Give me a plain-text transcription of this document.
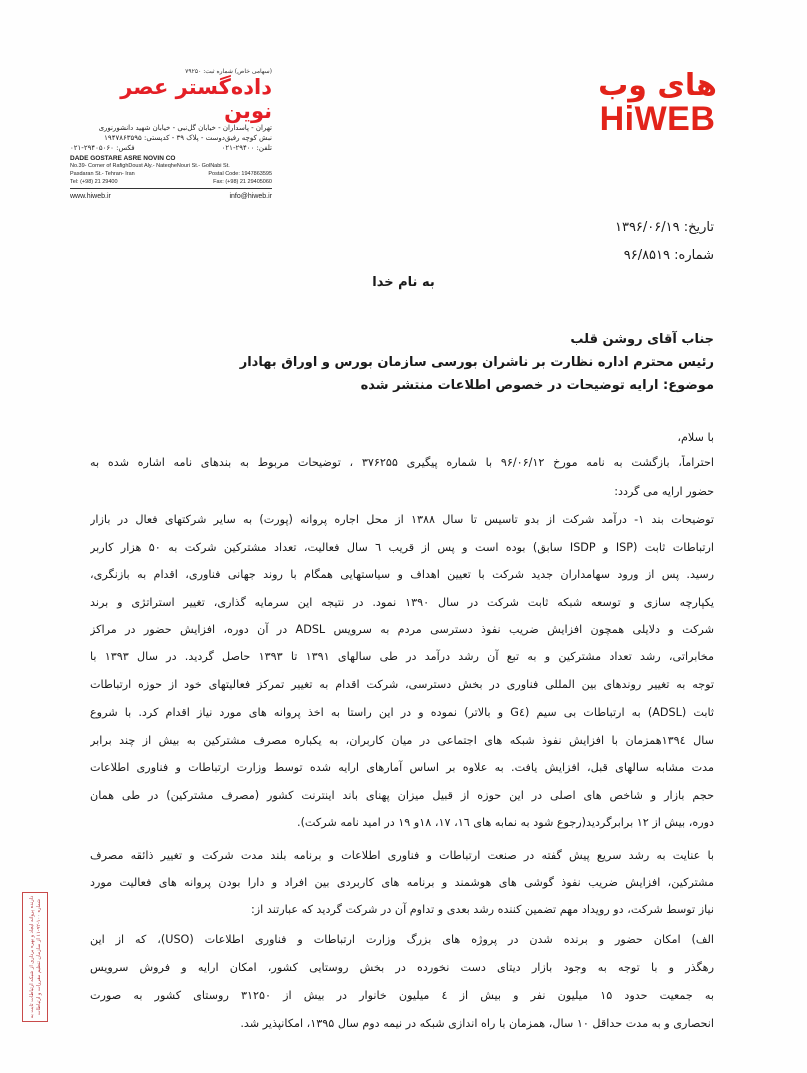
(سهامی خاص) شماره ثبت: ۷۹۲۵۰
داده‌گستر عصر نوین
تهران - پاسداران - خیابان گل‌نبی - خیابان شهید دانشورنوری
نبش کوچه رفیق‌دوست - پلاک ۳۹ - کدپستی: ۱۹۴۷۸۶۳۵۹۵
تلفن: ۲۹۴۰۰-۰۲۱
فکس: ۲۹۴۰۵۰۶۰-۰۲۱
DADE GOSTARE ASRE NOVIN CO
No.39- Corner of RafighDoust Aly.- NateqheNouri St.- GolNabi St.
Pasdaran St.- Tehran- Iran	Postal Code: 1947863595
Tel: (+98) 21 29400	Fax: (+98) 21 29405060
www.hiweb.ir	info@hiweb.ir
های وب
HiWEB
تاریخ: ۱۳۹۶/۰۶/۱۹
شماره: ۹۶/۸۵۱۹
به نام خدا
جناب آقای روشن قلب
رئیس محترم اداره نظارت بر ناشران بورسی سازمان بورس و اوراق بهادار
موضوع: ارایه توضیحات در خصوص اطلاعات منتشر شده
با سلام،
احتراماً، بازگشت به نامه مورخ ۹۶/۰۶/۱۲ با شماره پیگیری ۳۷۶۲۵۵ ، توضیحات مربوط به بندهای نامه اشاره شده به
حضور ارایه می گردد:
توضیحات بند ۱- درآمد شرکت از بدو تاسیس تا سال ۱۳۸۸ از محل اجاره پروانه (پورت) به سایر شرکتهای فعال در بازار
ارتباطات ثابت (ISP و ISDP سابق) بوده است و پس از قریب ٦ سال فعالیت، تعداد مشترکین شرکت به ۵۰ هزار کاربر
رسید. پس از ورود سهامداران جدید شرکت با تعیین اهداف و سیاستهایی همگام با روند جهانی فناوری، اقدام به بازنگری،
یکپارچه سازی و توسعه شبکه ثابت شرکت در سال ۱۳۹۰ نمود. در نتیجه این سرمایه گذاری، تغییر استراتژی و برند
شرکت و دلایلی همچون افزایش ضریب نفوذ دسترسی مردم به سرویس ADSL در آن دوره، افزایش حضور در مراکز
مخابراتی، رشد تعداد مشترکین و به تبع آن رشد درآمد در طی سالهای ۱۳۹۱ تا ۱۳۹۳ حاصل گردید. در سال ۱۳۹۳ با
توجه به تغییر روندهای بین المللی فناوری در بخش دسترسی، شرکت اقدام به تغییر تمرکز فعالیتهای خود از حوزه ارتباطات
ثابت (ADSL) به ارتباطات بی سیم (G٤ و بالاتر) نموده و در این راستا به اخذ پروانه های مورد نیاز اقدام کرد. با شروع
سال ۱۳۹٤همزمان با افزایش نفوذ شبکه های اجتماعی در میان کاربران، به یکباره مصرف مشترکین به بیش از چند برابر
مدت مشابه سالهای قبل، افزایش یافت. به علاوه بر اساس آمارهای ارایه شده توسط وزارت ارتباطات و فناوری اطلاعات
حجم بازار و شاخص های اصلی در این حوزه از قبیل میزان پهنای باند اینترنت کشور (مصرف مشترکین) در طی همان
دوره، بیش از ۱۲ برابرگردید(رجوع شود به نمابه های ۱٦، ۱۷، ۱۸و ۱۹ در امید نامه شرکت).
با عنایت به رشد سریع پیش گفته در صنعت ارتباطات و فناوری اطلاعات و برنامه بلند مدت شرکت و تغییر ذائقه مصرف
مشترکین، افزایش ضریب نفوذ گوشی های هوشمند و برنامه های کاربردی بین افراد و دارا بودن پروانه های فعالیت مورد
نیاز توسط شرکت، دو رویداد مهم تضمین کننده رشد بعدی و تداوم آن در شرکت گردید که عبارتند از:
الف) امکان حضور و برنده شدن در پروژه های بزرگ وزارت ارتباطات و فناوری اطلاعات (USO)، که از این
رهگذر و با توجه به وجود بازار دیتای دست نخورده در بخش روستایی کشور، امکان ارایه و فروش سرویس
به جمعیت حدود ۱۵ میلیون نفر و بیش از ٤ میلیون خانوار در بیش از ۳۱۲۵۰ روستای کشور به صورت
انحصاری و به مدت حداقل ۱۰ سال، همزمان با راه اندازی شبکه در نیمه دوم سال ۱۳۹۵، امکانپذیر شد.
دارنده پروانه ایجاد و بهره برداری از شبکه ارتباطات ثابت به شماره ۱۰۰-۹۲-۱۱ از سازمان تنظیم مقررات و ارتباطات
